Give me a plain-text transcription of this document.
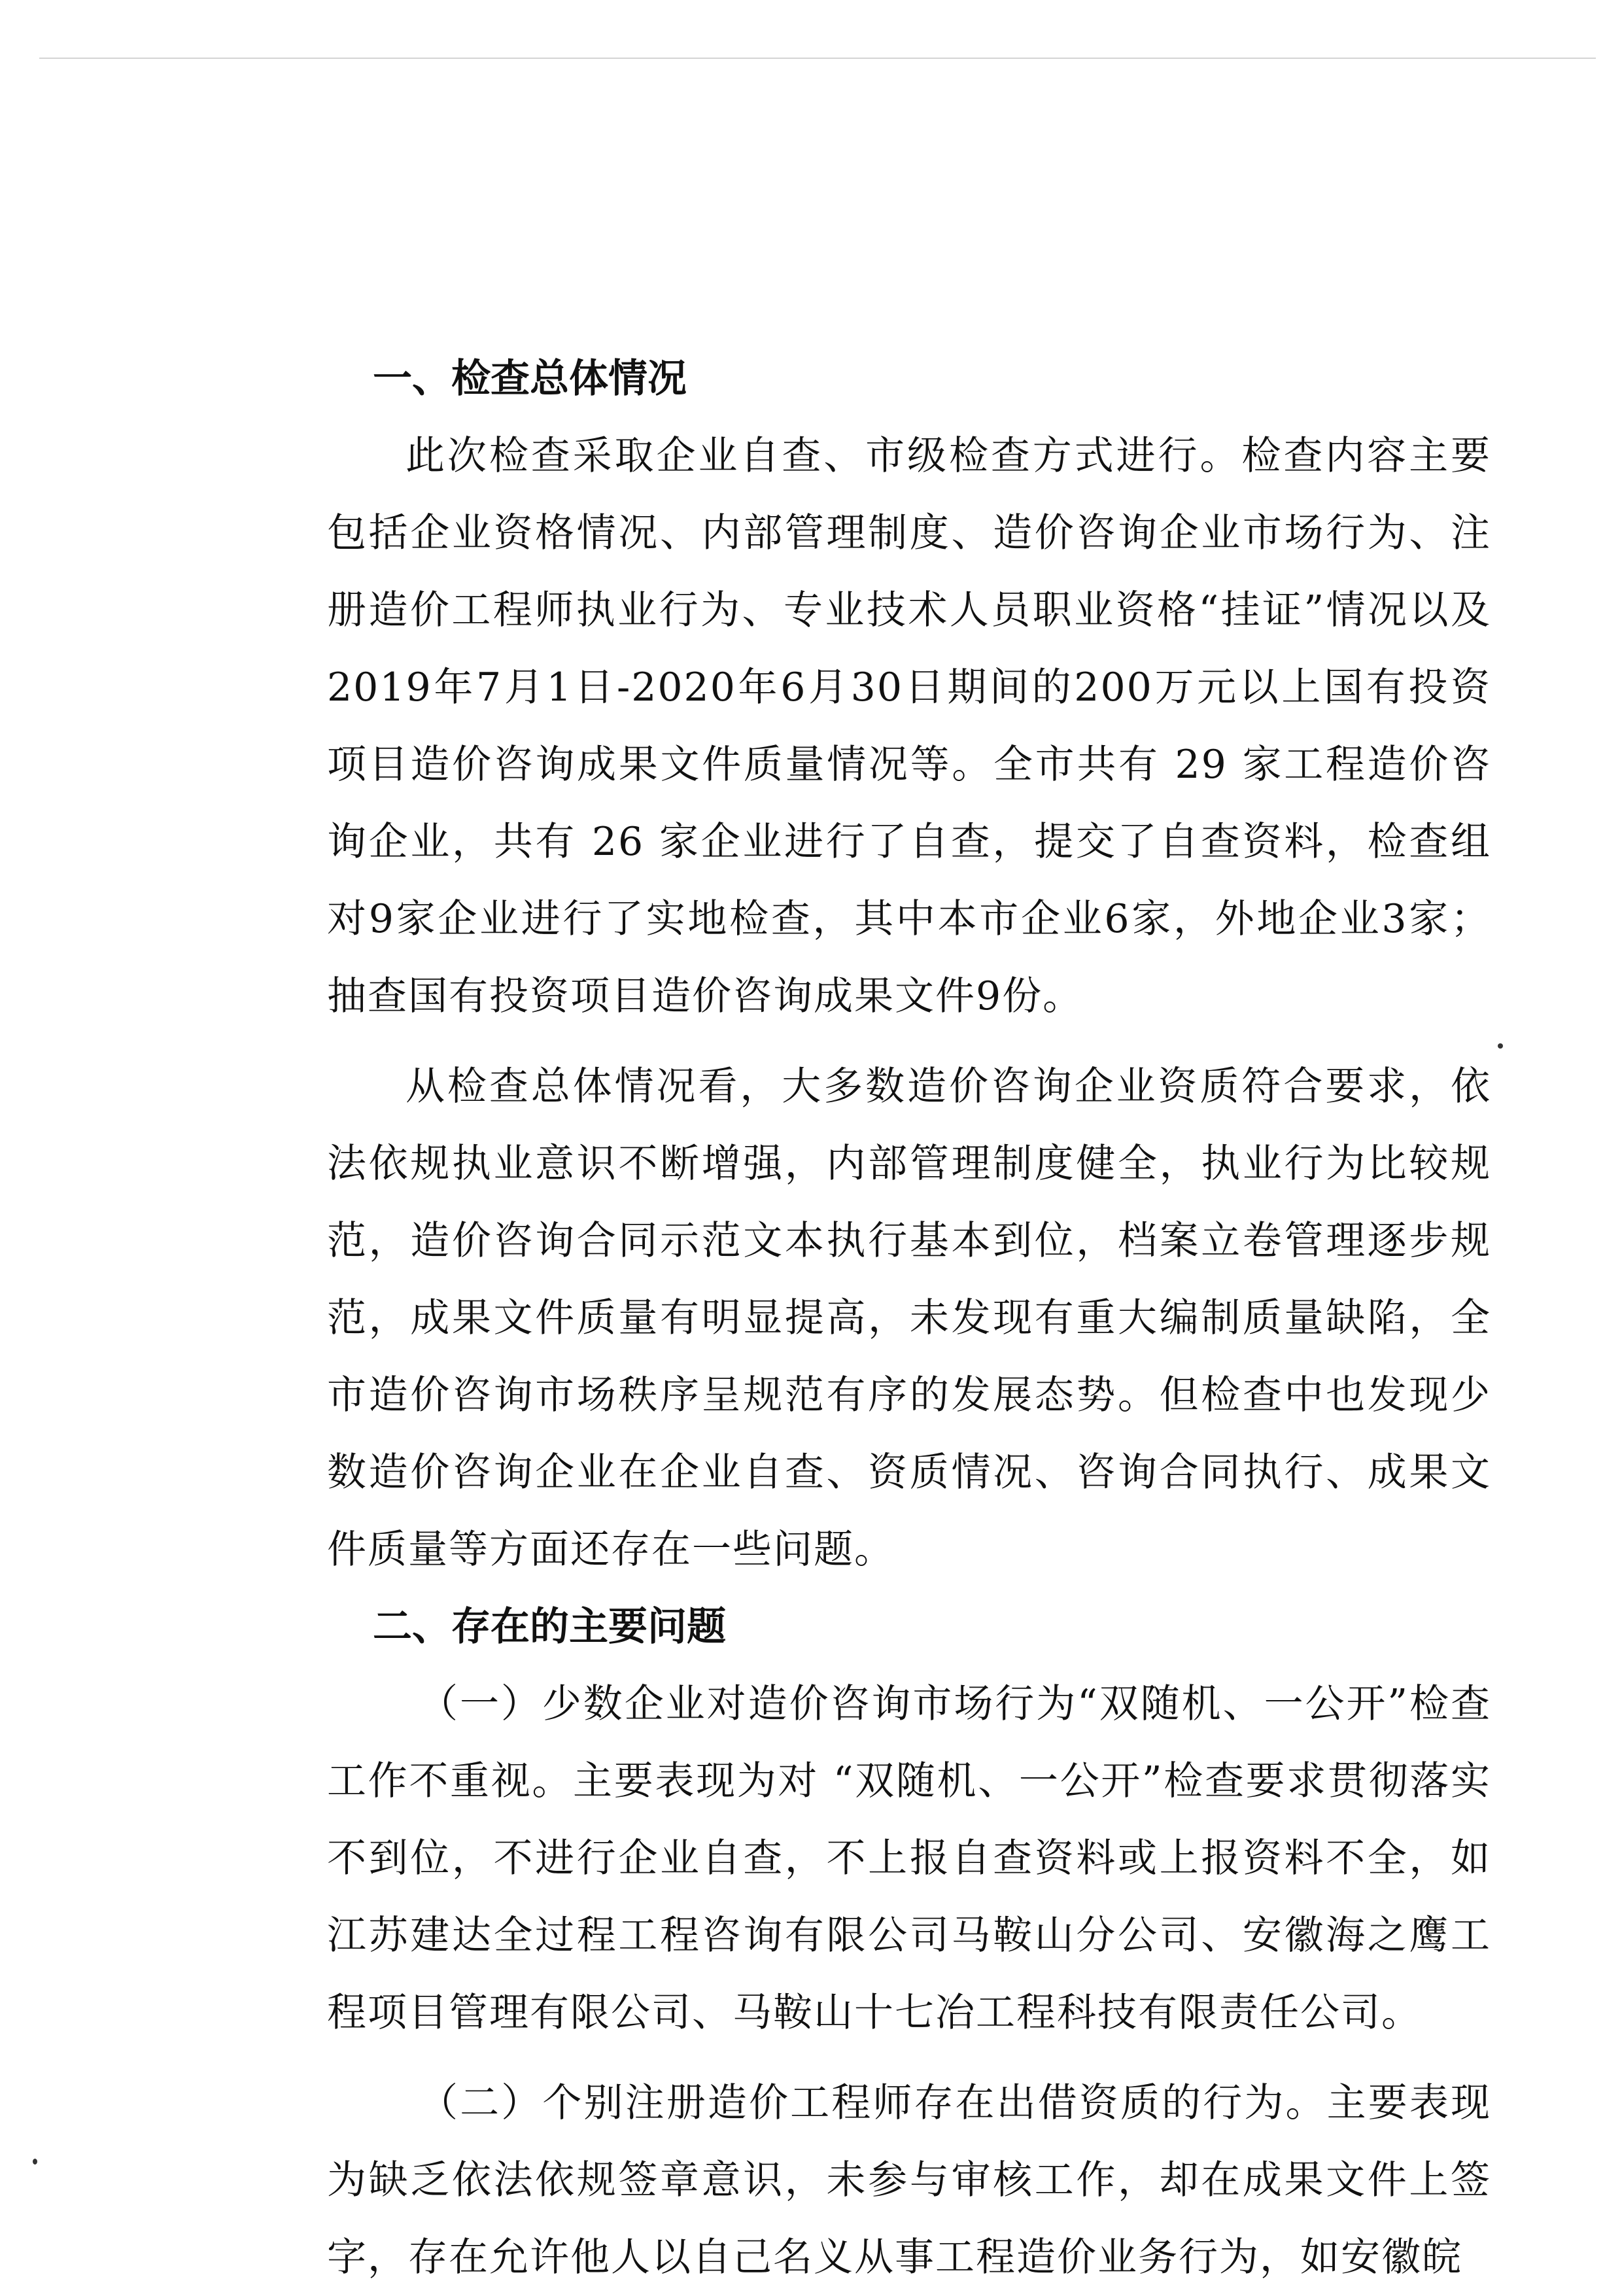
一、检查总体情况

此次检查采取企业自查、市级检查方式进行。检查内容主要包括企业资格情况、内部管理制度、造价咨询企业市场行为、注册造价工程师执业行为、专业技术人员职业资格“挂证”情况以及2019年7月1日-2020年6月30日期间的200万元以上国有投资项目造价咨询成果文件质量情况等。全市共有 29 家工程造价咨询企业，共有 26 家企业进行了自查，提交了自查资料，检查组对9家企业进行了实地检查，其中本市企业6家，外地企业3家；抽查国有投资项目造价咨询成果文件9份。

从检查总体情况看，大多数造价咨询企业资质符合要求，依法依规执业意识不断增强，内部管理制度健全，执业行为比较规范，造价咨询合同示范文本执行基本到位，档案立卷管理逐步规范，成果文件质量有明显提高，未发现有重大编制质量缺陷，全市造价咨询市场秩序呈规范有序的发展态势。但检查中也发现少数造价咨询企业在企业自查、资质情况、咨询合同执行、成果文件质量等方面还存在一些问题。

二、存在的主要问题

（一）少数企业对造价咨询市场行为“双随机、一公开”检查工作不重视。主要表现为对 “双随机、一公开”检查要求贯彻落实不到位，不进行企业自查，不上报自查资料或上报资料不全，如江苏建达全过程工程咨询有限公司马鞍山分公司、安徽海之鹰工程项目管理有限公司、马鞍山十七冶工程科技有限责任公司。

（二）个别注册造价工程师存在出借资质的行为。主要表现为缺乏依法依规签章意识，未参与审核工作，却在成果文件上签字，存在允许他人以自己名义从事工程造价业务行为，如安徽皖
